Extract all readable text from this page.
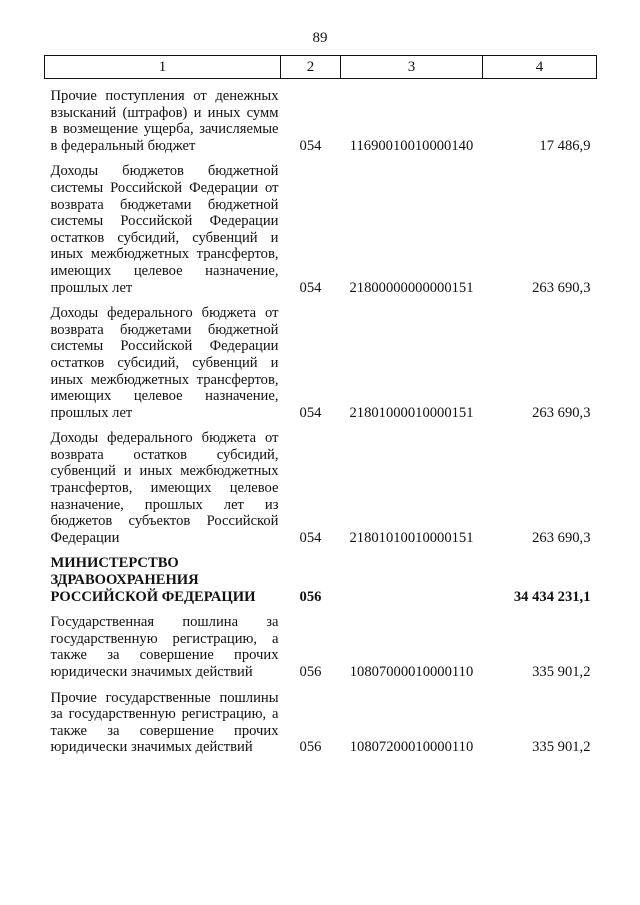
89
1	2	3	4

Прочие поступления от денежных взысканий (штрафов) и иных сумм в возмещение ущерба, зачисляемые в федеральный бюджет	054	11690010010000140	17 486,9

Доходы бюджетов бюджетной системы Российской Федерации от возврата бюджетами бюджетной системы Российской Федерации остатков субсидий, субвенций и иных межбюджетных трансфертов, имеющих целевое назначение, прошлых лет	054	21800000000000151	263 690,3

Доходы федерального бюджета от возврата бюджетами бюджетной системы Российской Федерации остатков субсидий, субвенций и иных межбюджетных трансфертов, имеющих целевое назначение, прошлых лет	054	21801000010000151	263 690,3

Доходы федерального бюджета от возврата остатков субсидий, субвенций и иных межбюджетных трансфертов, имеющих целевое назначение, прошлых лет из бюджетов субъектов Российской Федерации	054	21801010010000151	263 690,3

МИНИСТЕРСТВО ЗДРАВООХРАНЕНИЯ РОССИЙСКОЙ ФЕДЕРАЦИИ	056		34 434 231,1

Государственная пошлина за государственную регистрацию, а также за совершение прочих юридически значимых действий	056	10807000010000110	335 901,2

Прочие государственные пошлины за государственную регистрацию, а также за совершение прочих юридически значимых действий	056	10807200010000110	335 901,2
